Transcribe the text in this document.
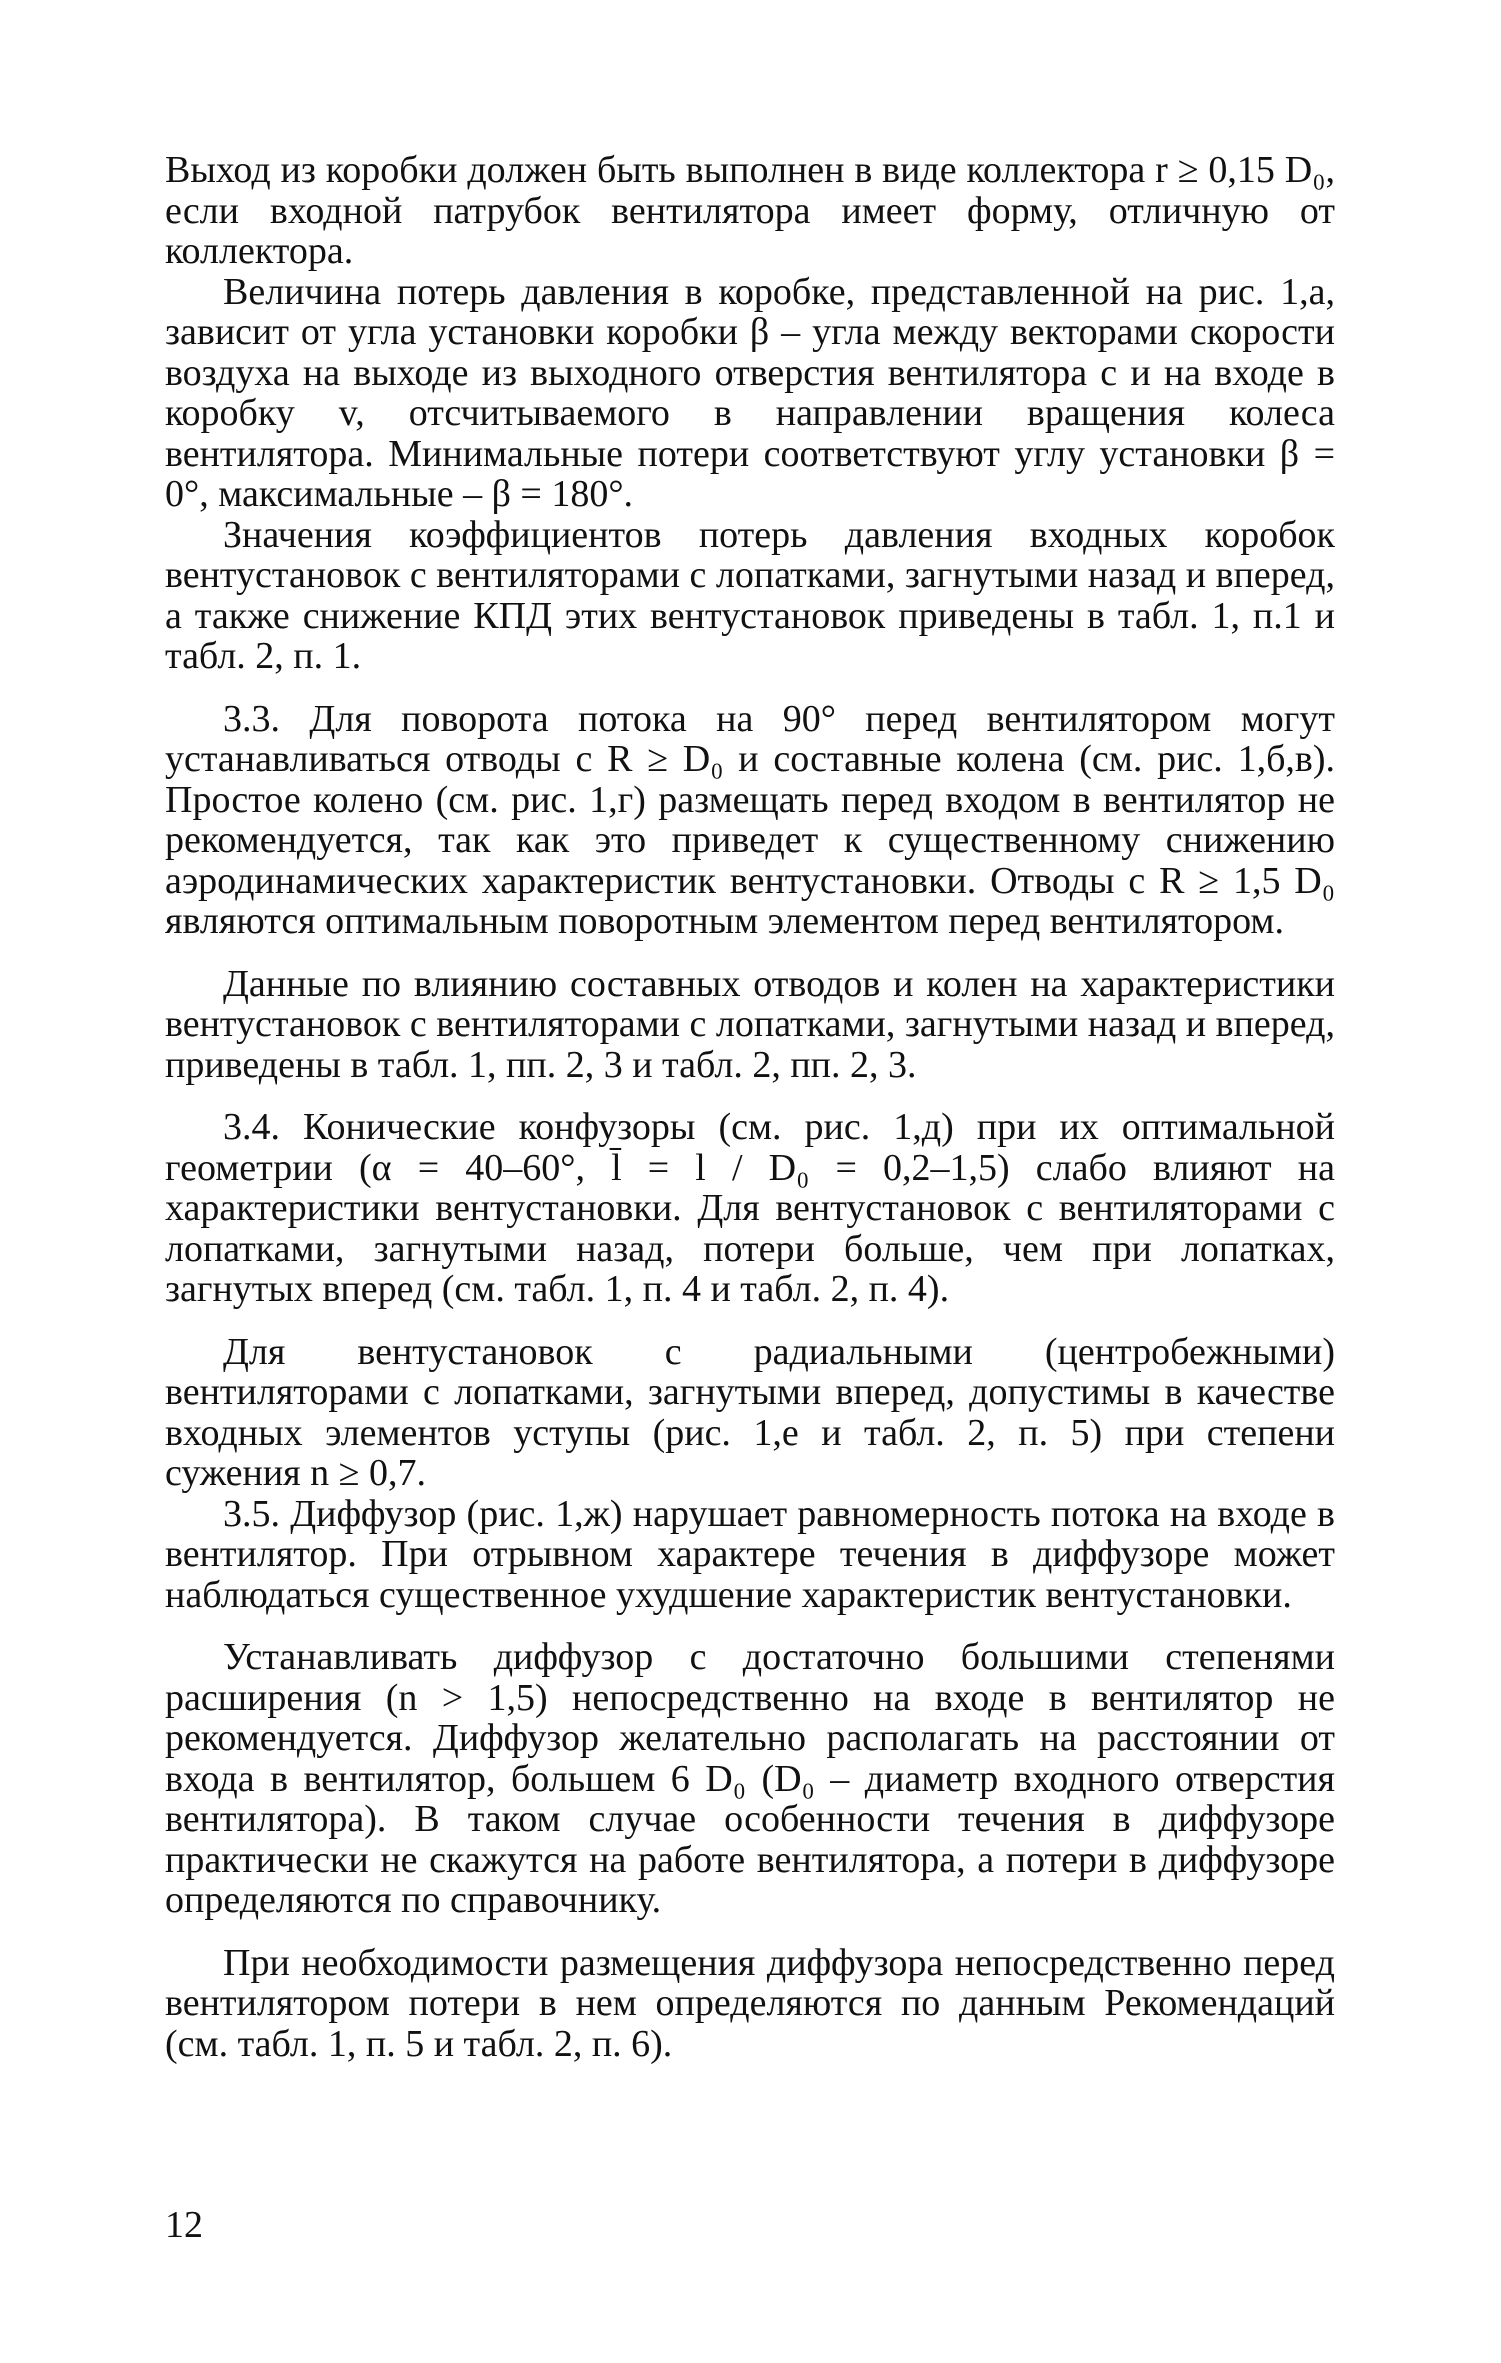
Выход из коробки должен быть выполнен в виде коллектора r ≥ 0,15 D₀, если входной патрубок вентилятора имеет форму, отличную от коллектора.

Величина потерь давления в коробке, представленной на рис. 1,а, зависит от угла установки коробки β – угла между векторами скорости воздуха на выходе из выходного отверстия вентилятора c и на входе в коробку v, отсчитываемого в направлении вращения колеса вентилятора. Минимальные потери соответствуют углу установки β = 0°, максимальные – β = 180°.

Значения коэффициентов потерь давления входных коробок вентустановок с вентиляторами с лопатками, загнутыми назад и вперед, а также снижение КПД этих вентустановок приведены в табл. 1, п.1 и табл. 2, п. 1.

3.3. Для поворота потока на 90° перед вентилятором могут устанавливаться отводы с R ≥ D₀ и составные колена (см. рис. 1,б,в). Простое колено (см. рис. 1,г) размещать перед входом в вентилятор не рекомендуется, так как это приведет к существенному снижению аэродинамических характеристик вентустановки. Отводы с R ≥ 1,5 D₀ являются оптимальным поворотным элементом перед вентилятором.

Данные по влиянию составных отводов и колен на характеристики вентустановок с вентиляторами с лопатками, загнутыми назад и вперед, приведены в табл. 1, пп. 2, 3 и табл. 2, пп. 2, 3.

3.4. Конические конфузоры (см. рис. 1,д) при их оптимальной геометрии (α = 40–60°, l̄ = l / D₀ = 0,2–1,5) слабо влияют на характеристики вентустановки. Для вентустановок с вентиляторами с лопатками, загнутыми назад, потери больше, чем при лопатках, загнутых вперед (см. табл. 1, п. 4 и табл. 2, п. 4).

Для вентустановок с радиальными (центробежными) вентиляторами с лопатками, загнутыми вперед, допустимы в качестве входных элементов уступы (рис. 1,е и табл. 2, п. 5) при степени сужения n ≥ 0,7.

3.5. Диффузор (рис. 1,ж) нарушает равномерность потока на входе в вентилятор. При отрывном характере течения в диффузоре может наблюдаться существенное ухудшение характеристик вентустановки.

Устанавливать диффузор с достаточно большими степенями расширения (n > 1,5) непосредственно на входе в вентилятор не рекомендуется. Диффузор желательно располагать на расстоянии от входа в вентилятор, большем 6 D₀ (D₀ – диаметр входного отверстия вентилятора). В таком случае особенности течения в диффузоре практически не скажутся на работе вентилятора, а потери в диффузоре определяются по справочнику.

При необходимости размещения диффузора непосредственно перед вентилятором потери в нем определяются по данным Рекомендаций (см. табл. 1, п. 5 и табл. 2, п. 6).

12
